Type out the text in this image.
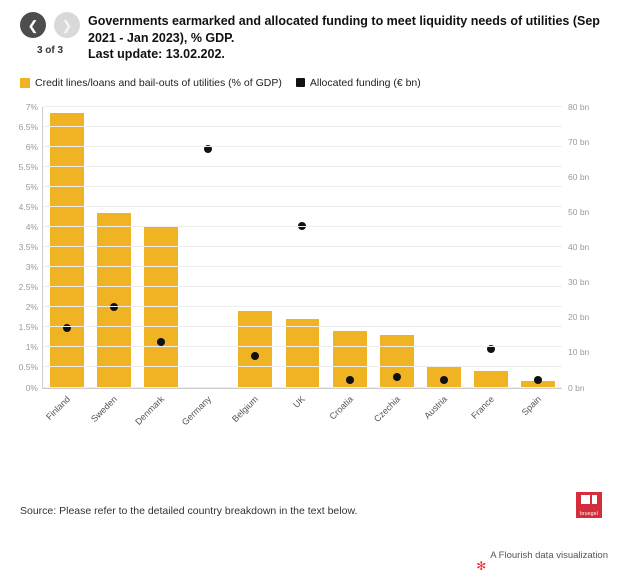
❮	❯
3 of 3

Governments earmarked and allocated funding to meet liquidity needs of utilities (Sep 2021 - Jan 2023), % GDP.

Last update: 13.02.202.

Credit lines/loans and bail-outs of utilities (% of GDP)	Allocated funding (€ bn)
Finland	Sweden	Denmark	Germany	Belgium	UK	Croatia	Czechia	Austria	France	Spain
0%
0.5%
1%
1.5%
2%
2.5%
3%
3.5%
4%
4.5%
5%
5.5%
6%
6.5%
7%
0 bn
10 bn
20 bn
30 bn
40 bn
50 bn
60 bn
70 bn
80 bn
Source: Please refer to the detailed country breakdown in the text below.	bruegel
✻
A Flourish data visualization
